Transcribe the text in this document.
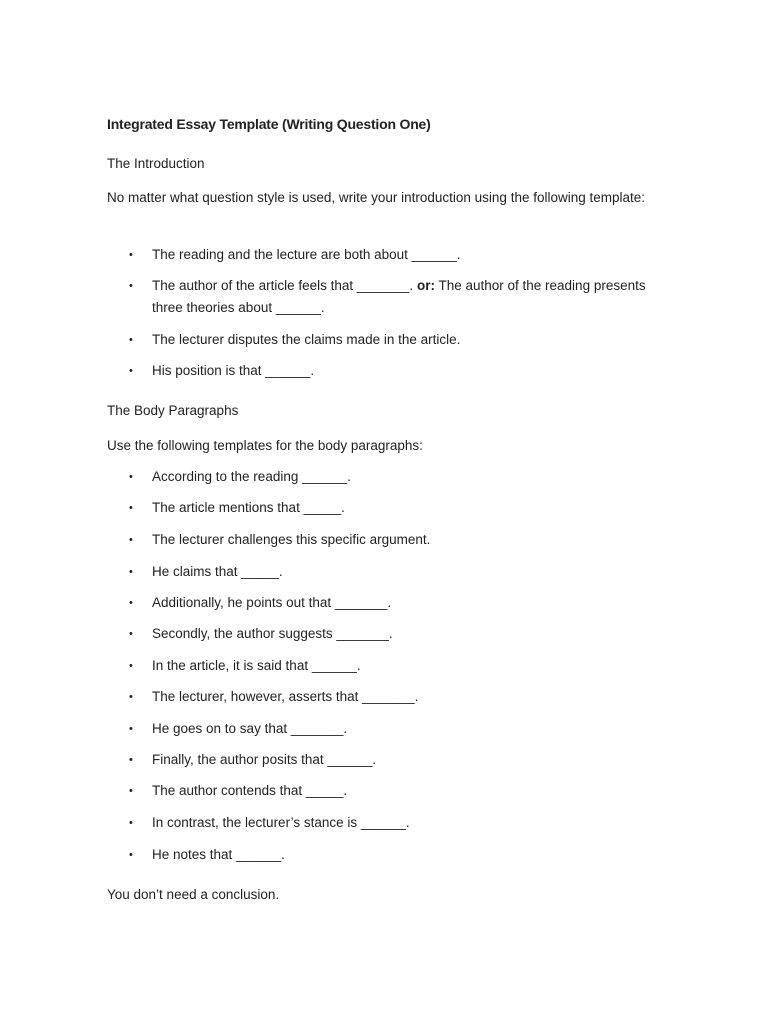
Integrated Essay Template (Writing Question One)
The Introduction
No matter what question style is used, write your introduction using the following template:
• The reading and the lecture are both about ______.
• The author of the article feels that _______. or: The author of the reading presents three theories about ______.
• The lecturer disputes the claims made in the article.
• His position is that ______.
The Body Paragraphs
Use the following templates for the body paragraphs:
• According to the reading ______.
• The article mentions that _____.
• The lecturer challenges this specific argument.
• He claims that _____.
• Additionally, he points out that _______.
• Secondly, the author suggests _______.
• In the article, it is said that ______.
• The lecturer, however, asserts that _______.
• He goes on to say that _______.
• Finally, the author posits that ______.
• The author contends that _____.
• In contrast, the lecturer’s stance is ______.
• He notes that ______.
You don’t need a conclusion.
